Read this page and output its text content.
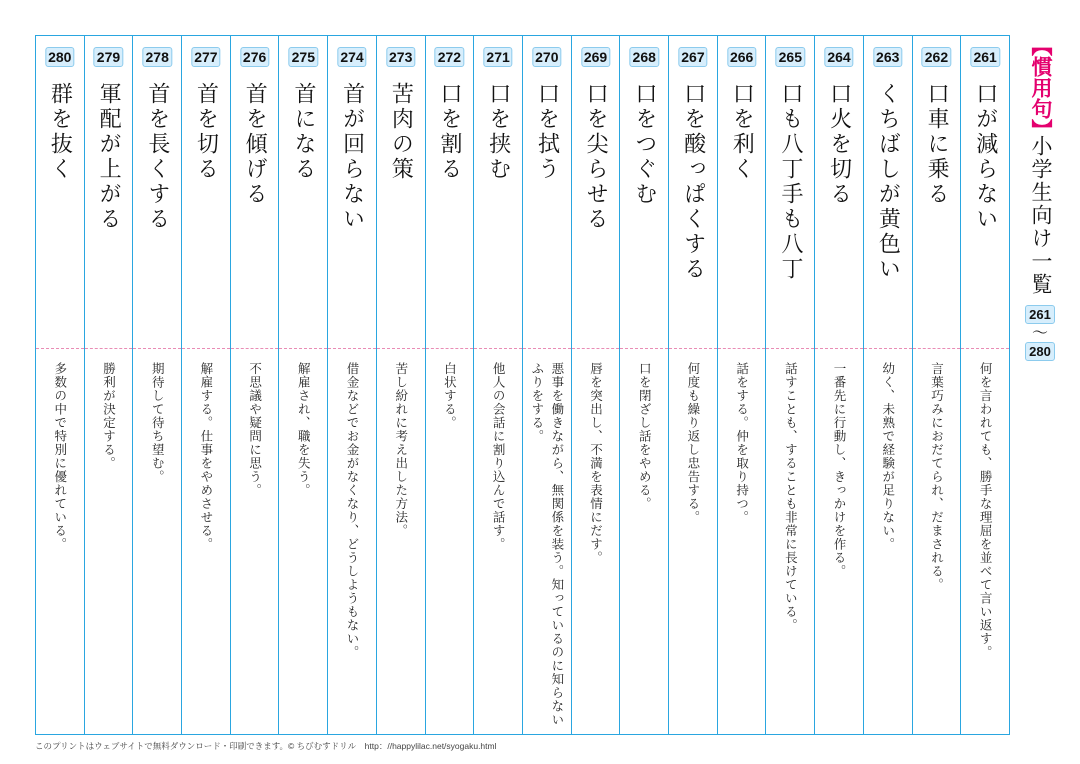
261
口が減らない
何を言われても、勝手な理屈を並べて言い返す。
262
口車に乗る
言葉巧みにおだてられ、だまされる。
263
くちばしが黄色い
幼く、未熟で経験が足りない。
264
口火を切る
一番先に行動し、きっかけを作る。
265
口も八丁手も八丁
話すことも、することも非常に長けている。
266
口を利く
話をする。仲を取り持つ。
267
口を酸っぱくする
何度も繰り返し忠告する。
268
口をつぐむ
口を閉ざし話をやめる。
269
口を尖らせる
唇を突出し、不満を表情にだす。
270
口を拭う
悪事を働きながら、無関係を装う。知っているのに知らないふりをする。
271
口を挟む
他人の会話に割り込んで話す。
272
口を割る
白状する。
273
苦肉の策
苦し紛れに考え出した方法。
274
首が回らない
借金などでお金がなくなり、どうしようもない。
275
首になる
解雇され、職を失う。
276
首を傾げる
不思議や疑問に思う。
277
首を切る
解雇する。仕事をやめさせる。
278
首を長くする
期待して待ち望む。
279
軍配が上がる
勝利が決定する。
280
群を抜く
多数の中で特別に優れている。
【慣用句】
小学生向け一覧
261
～
280
このプリントはウェブサイトで無料ダウンロード・印刷できます。© ちびむすドリル　http：//happylilac.net/syogaku.html
